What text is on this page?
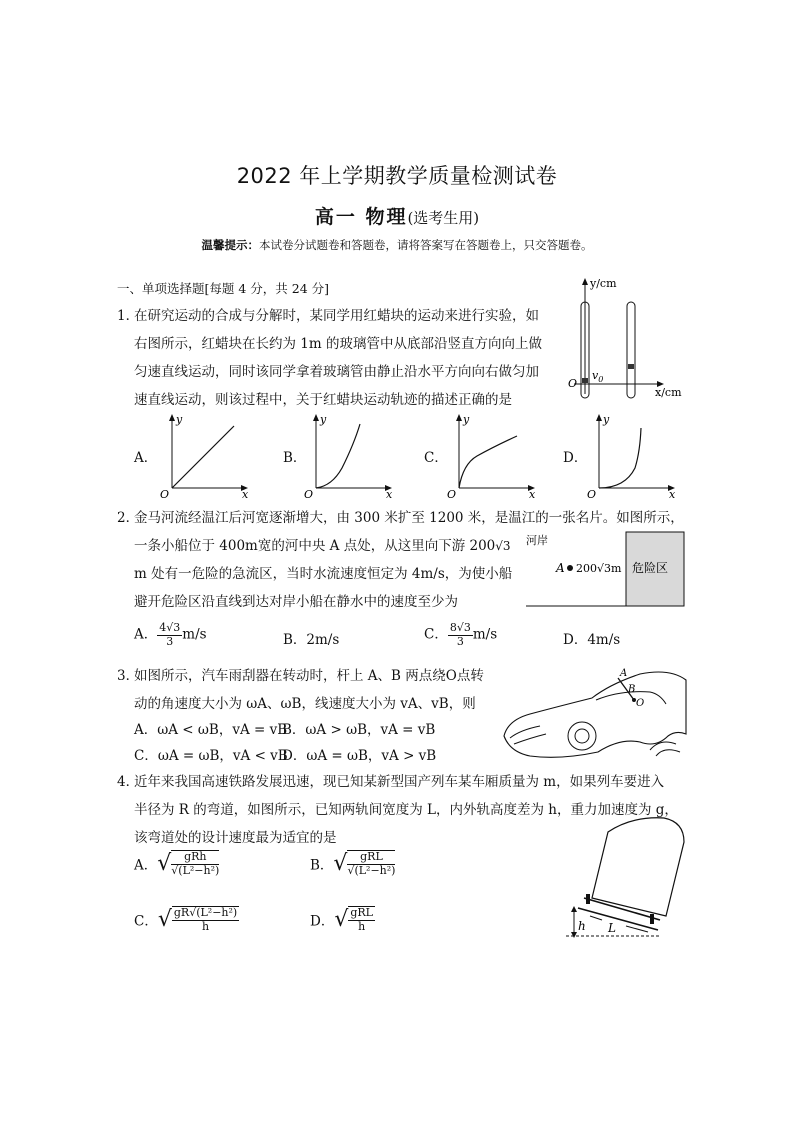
2022 年上学期教学质量检测试卷
高一 物理(选考生用)
温馨提示：本试卷分试题卷和答题卷，请将答案写在答题卷上，只交答题卷。
一、单项选择题[每题 4 分，共 24 分]
1．
在研究运动的合成与分解时，某同学用红蜡块的运动来进行实验，如
右图所示，红蜡块在长约为 1m 的玻璃管中从底部沿竖直方向向上做
匀速直线运动，同时该同学拿着玻璃管由静止沿水平方向向右做匀加
速直线运动，则该过程中，关于红蜡块运动轨迹的描述正确的是
y/cm
x/cm
O
$v_0$
A．	B．	C．	D．
y
x
O
y
x
O
y
x
O
y
x
O
2．
金马河流经温江后河宽逐渐增大，由 300 米扩至 1200 米，是温江的一张名片。如图所示，
一条小船位于 400m宽的河中央 A 点处，从这里向下游 200√3
m 处有一危险的急流区，当时水流速度恒定为 4m/s，为使小船
避开危险区沿直线到达对岸小船在静水中的速度至少为
河岸
危险区
A 200√3m
A． $\frac{4√3}{3} m/s$	B．2m/s	C． $\frac{8√3}{3} m/s$	D．4m/s
3．
如图所示，汽车雨刮器在转动时，杆上 A、B 两点绕O点转
动的角速度大小为 ωA、ωB，线速度大小为 vA、vB，则
A．ωA < ωB，vA = vB
B．ωA > ωB，vA = vB
C．ωA = ωB，vA < vB
D．ωA = ωB，vA > vB
A
B
O
4．
近年来我国高速铁路发展迅速，现已知某新型国产列车某车厢质量为 m，如果列车要进入
半径为 R 的弯道，如图所示，已知两轨间宽度为 L，内外轨高度差为 h，重力加速度为 g，
该弯道处的设计速度最为适宜的是
A．√ $\frac{\text{gRh}}{\text{√(L²−h²)}}$	B．√ $\frac{\text{gRL}}{\text{√(L²−h²)}}$
C．√ $\frac{\text{gR√(L²−h²)}}{h}$	D．√ $\frac{\text{gRL}}{h}$	h L
